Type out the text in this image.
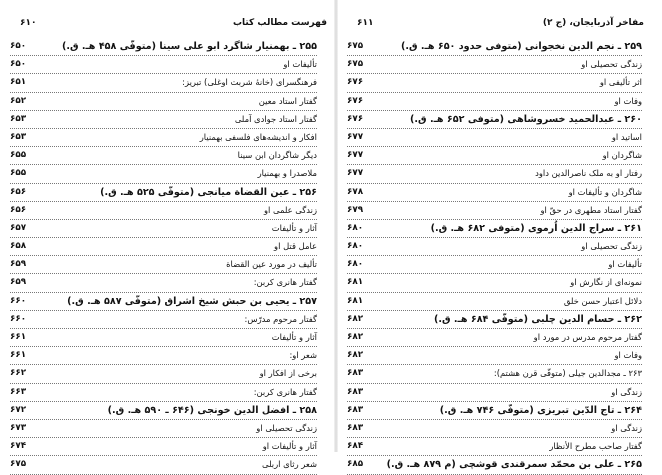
فهرست مطالب کتاب
۶۱۰
۲۵۵ ـ بهمنیار شاگرد ابو علی سینا (متوفّی ۴۵۸ هـ. ق.)
۶۵۰
تألیفات او
۶۵۰
فرهنگسرای (خانهٔ شربت اوغلی) تبریز:
۶۵۱
گفتار استاد معین
۶۵۲
گفتار استاد جوادی آملی
۶۵۳
افکار و اندیشه‌های فلسفی بهمنیار
۶۵۳
دیگر شاگردان ابن سینا
۶۵۵
ملاصدرا و بهمنیار
۶۵۵
۲۵۶ ـ عین القضاة میانجی (متوفّی ۵۲۵ هـ. ق.)
۶۵۶
زندگی علمی او
۶۵۶
آثار و تألیفات
۶۵۷
عامل قتل او
۶۵۸
تألیف در مورد عین القضاة
۶۵۹
گفتار هانری کربن:
۶۵۹
۲۵۷ ـ یحیی بن حبش شیخ اشراق (متوفّی ۵۸۷ هـ. ق.)
۶۶۰
گفتار مرحوم مدرّس:
۶۶۰
آثار و تألیفات
۶۶۱
شعر او:
۶۶۱
برخی از افکار او
۶۶۲
گفتار هانری کربن:
۶۶۳
۲۵۸ ـ افضل الدین خونجی (۶۴۶ ـ ۵۹۰ هـ. ق.)
۶۷۲
زندگی تحصیلی او
۶۷۳
آثار و تألیفات او
۶۷۴
شعر رثای اربلی
۶۷۵
مفاخر آذربایجان، (ج ۲)
۶۱۱
۲۵۹ ـ نجم الدین نخجوانی (متوفی حدود ۶۵۰ هـ. ق.)
۶۷۵
زندگی تحصیلی او
۶۷۵
اثر تألیفی او
۶۷۶
وفات او
۶۷۶
۲۶۰ ـ عبدالحمید خسروشاهی (متوفی ۶۵۲ هـ. ق.)
۶۷۶
اساتید او
۶۷۷
شاگردان او
۶۷۷
رفتار او به ملک ناصرالدین داود
۶۷۷
شاگردان و تألیفات او
۶۷۸
گفتار استاد مطهری در حقّ او
۶۷۹
۲۶۱ ـ سراج الدین اُرموی (متوفی ۶۸۲ هـ. ق.)
۶۸۰
زندگی تحصیلی او
۶۸۰
تألیفات او
۶۸۰
نمونه‌ای از نگارش او
۶۸۱
دلائل اعتبار حسن خلق
۶۸۱
۲۶۲ ـ حسام الدین چلبی (متوفّی ۶۸۴ هـ. ق.)
۶۸۲
گفتار مرحوم مدرس در مورد او
۶۸۲
وفات او
۶۸۲
۲۶۳ ـ مجدالدین جیلی (متوفّی قرن هشتم):
۶۸۳
زندگی او
۶۸۳
۲۶۴ ـ تاج الدّین تبریزی (متوفّی ۷۴۶ هـ. ق.)
۶۸۳
زندگی او
۶۸۳
گفتار صاحب مطرح الأنظار
۶۸۴
۲۶۵ ـ علی بن محمّد سمرقندی قوشچی (م ۸۷۹ هـ. ق.)
۶۸۵
